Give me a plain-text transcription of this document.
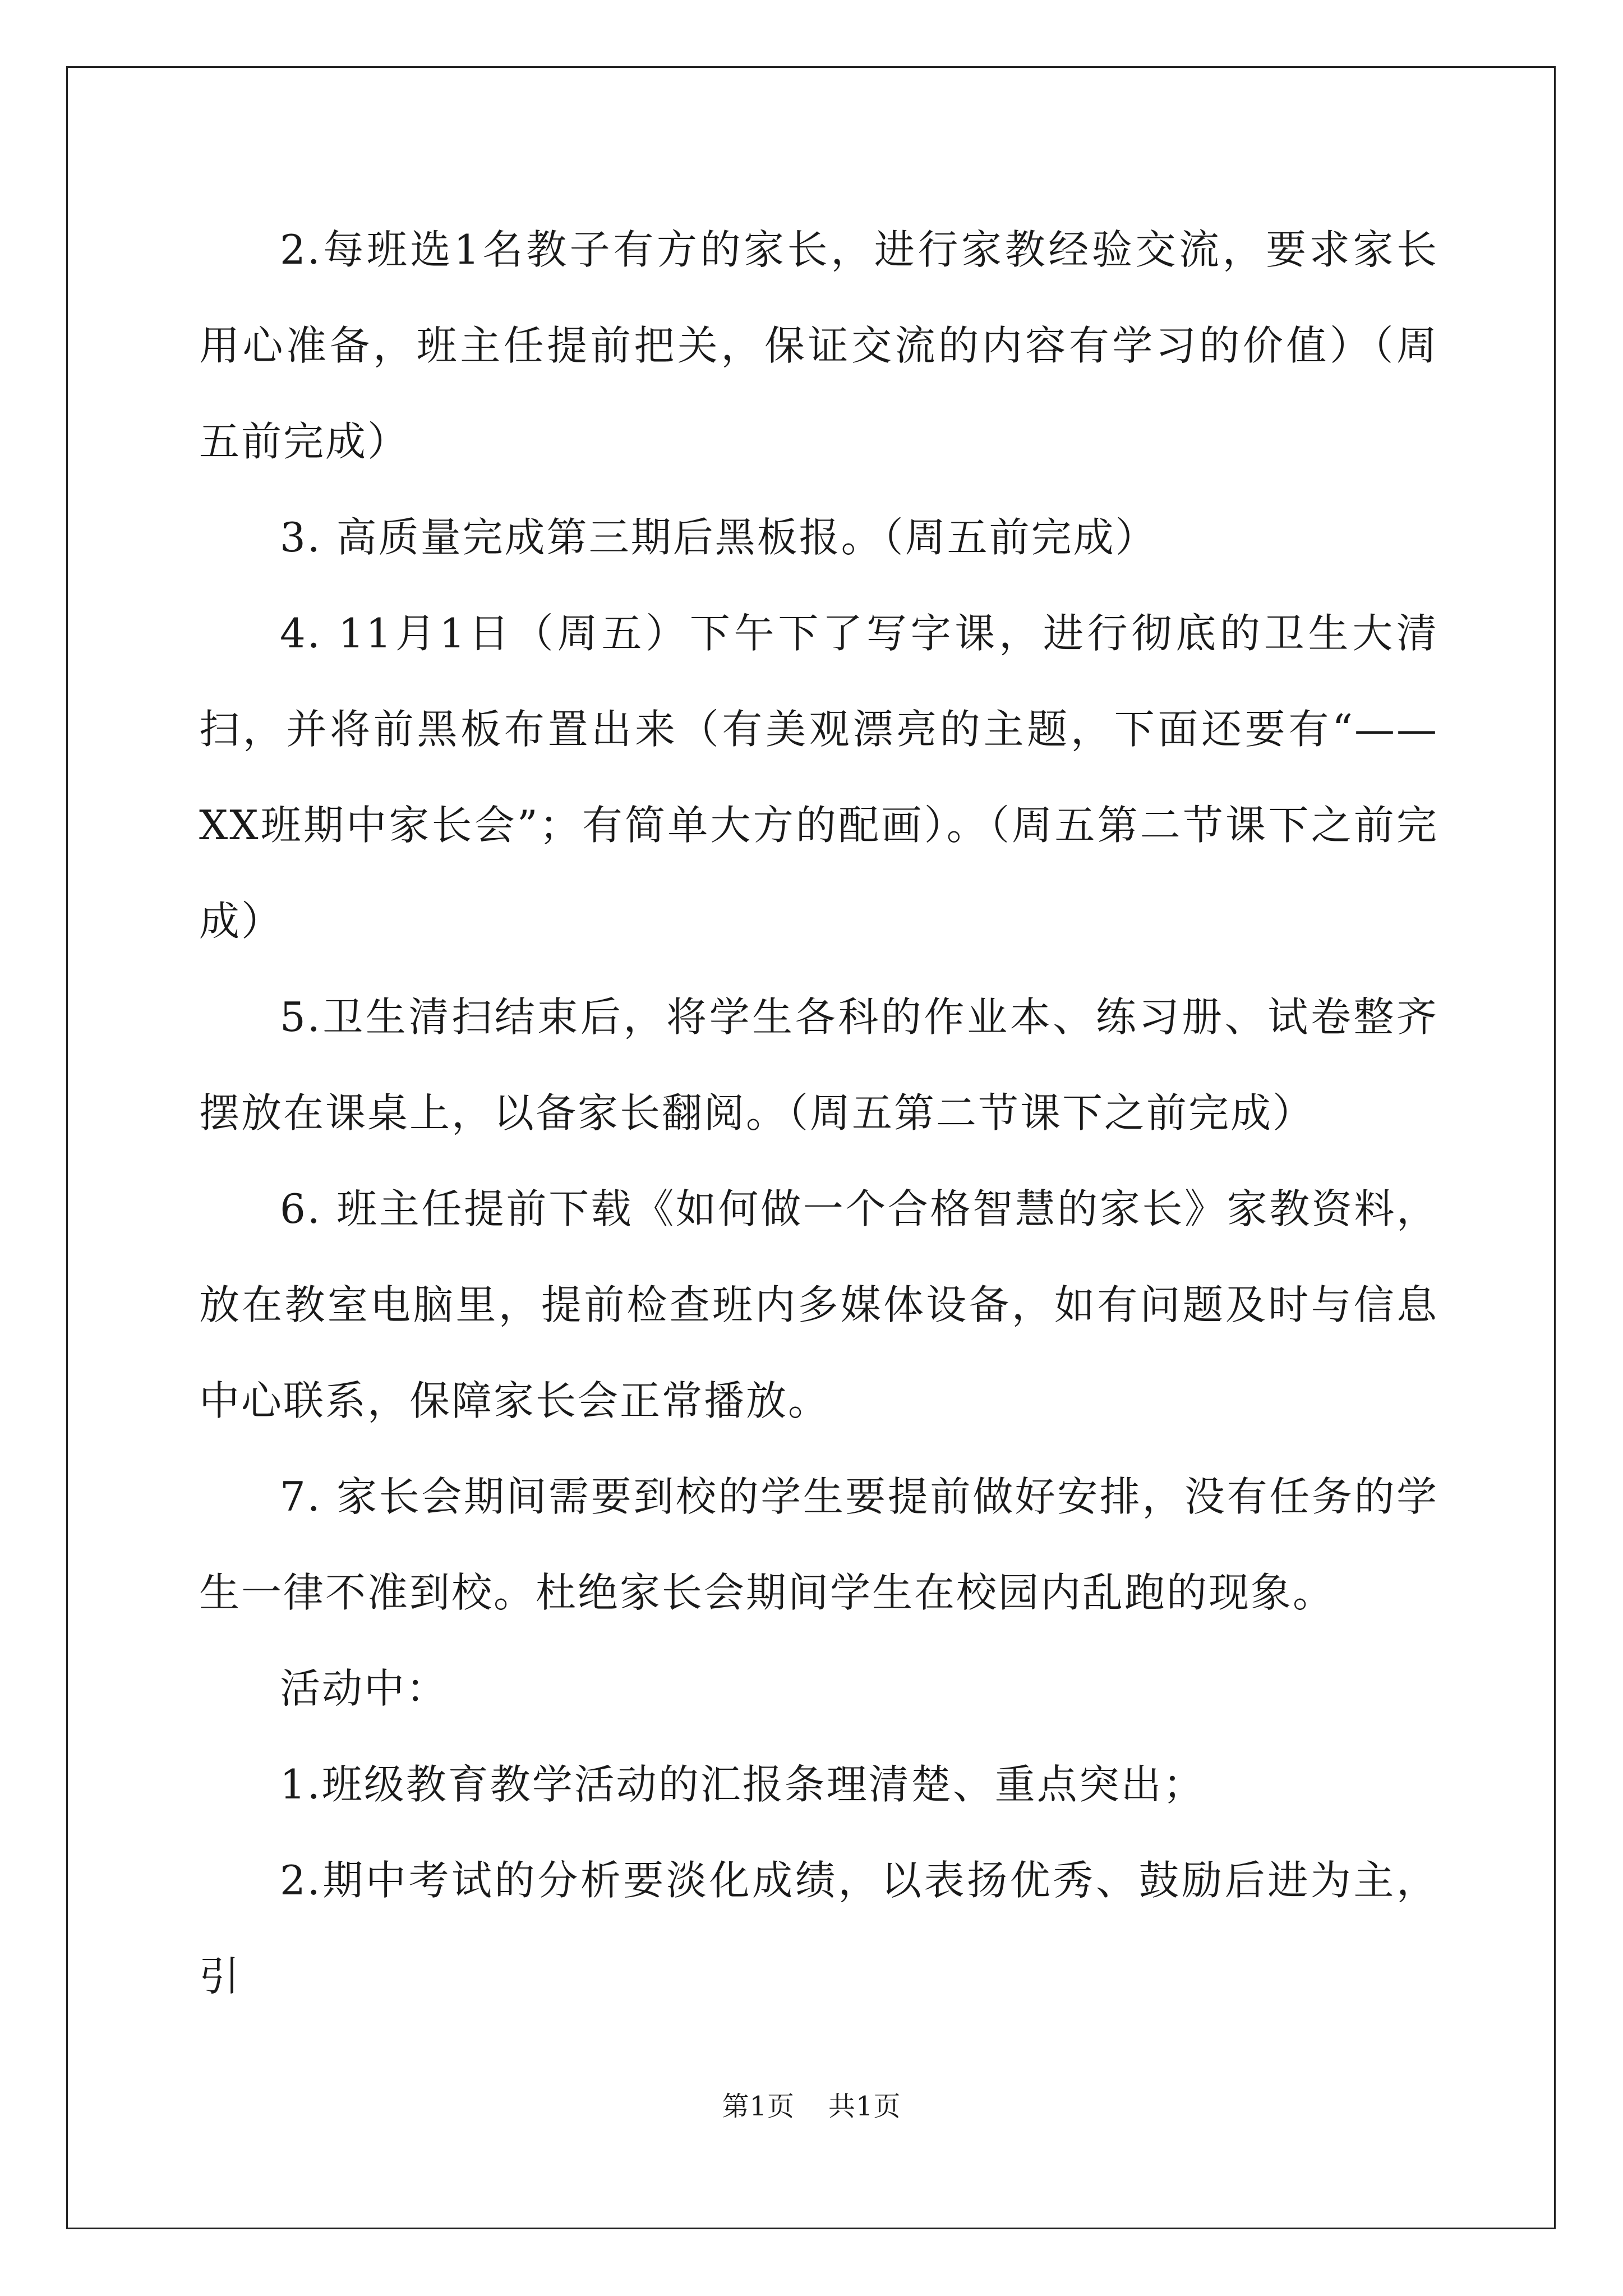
2.每班选1名教子有方的家长，进行家教经验交流，要求家长用心准备，班主任提前把关，保证交流的内容有学习的价值）（周五前完成）

3. 高质量完成第三期后黑板报。（周五前完成）

4. 11月1日（周五）下午下了写字课，进行彻底的卫生大清扫，并将前黑板布置出来（有美观漂亮的主题，下面还要有“——XX班期中家长会”；有简单大方的配画）。（周五第二节课下之前完成）

5.卫生清扫结束后，将学生各科的作业本、练习册、试卷整齐摆放在课桌上，以备家长翻阅。（周五第二节课下之前完成）

6. 班主任提前下载《如何做一个合格智慧的家长》家教资料，放在教室电脑里，提前检查班内多媒体设备，如有问题及时与信息中心联系，保障家长会正常播放。

7. 家长会期间需要到校的学生要提前做好安排，没有任务的学生一律不准到校。杜绝家长会期间学生在校园内乱跑的现象。

活动中：

1.班级教育教学活动的汇报条理清楚、重点突出；

2.期中考试的分析要淡化成绩，以表扬优秀、鼓励后进为主，引

第1页 共1页
